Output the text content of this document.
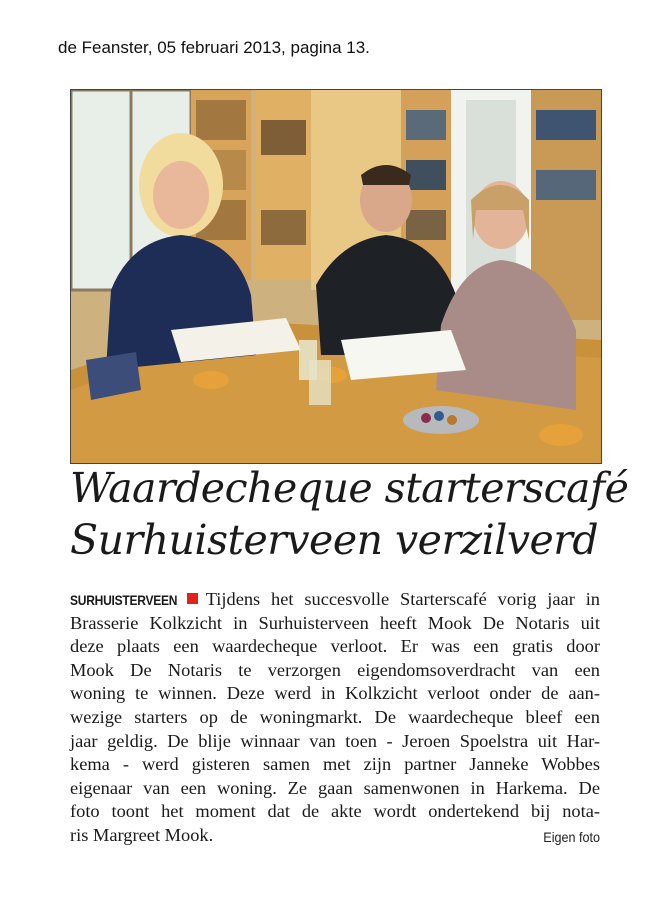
de Feanster, 05 februari 2013, pagina 13.
Waardecheque starterscafé
Surhuisterveen verzilverd
SURHUISTERVEEN Tijdens het succesvolle Starterscafé vorig jaar in
Brasserie Kolkzicht in Surhuisterveen heeft Mook De Notaris uit
deze plaats een waardecheque verloot. Er was een gratis door
Mook De Notaris te verzorgen eigendomsoverdracht van een
woning te winnen. Deze werd in Kolkzicht verloot onder de aan-
wezige starters op de woningmarkt. De waardecheque bleef een
jaar geldig. De blije winnaar van toen - Jeroen Spoelstra uit Har-
kema - werd gisteren samen met zijn partner Janneke Wobbes
eigenaar van een woning. Ze gaan samenwonen in Harkema. De
foto toont het moment dat de akte wordt ondertekend bij nota-
ris Margreet Mook.	Eigen foto
